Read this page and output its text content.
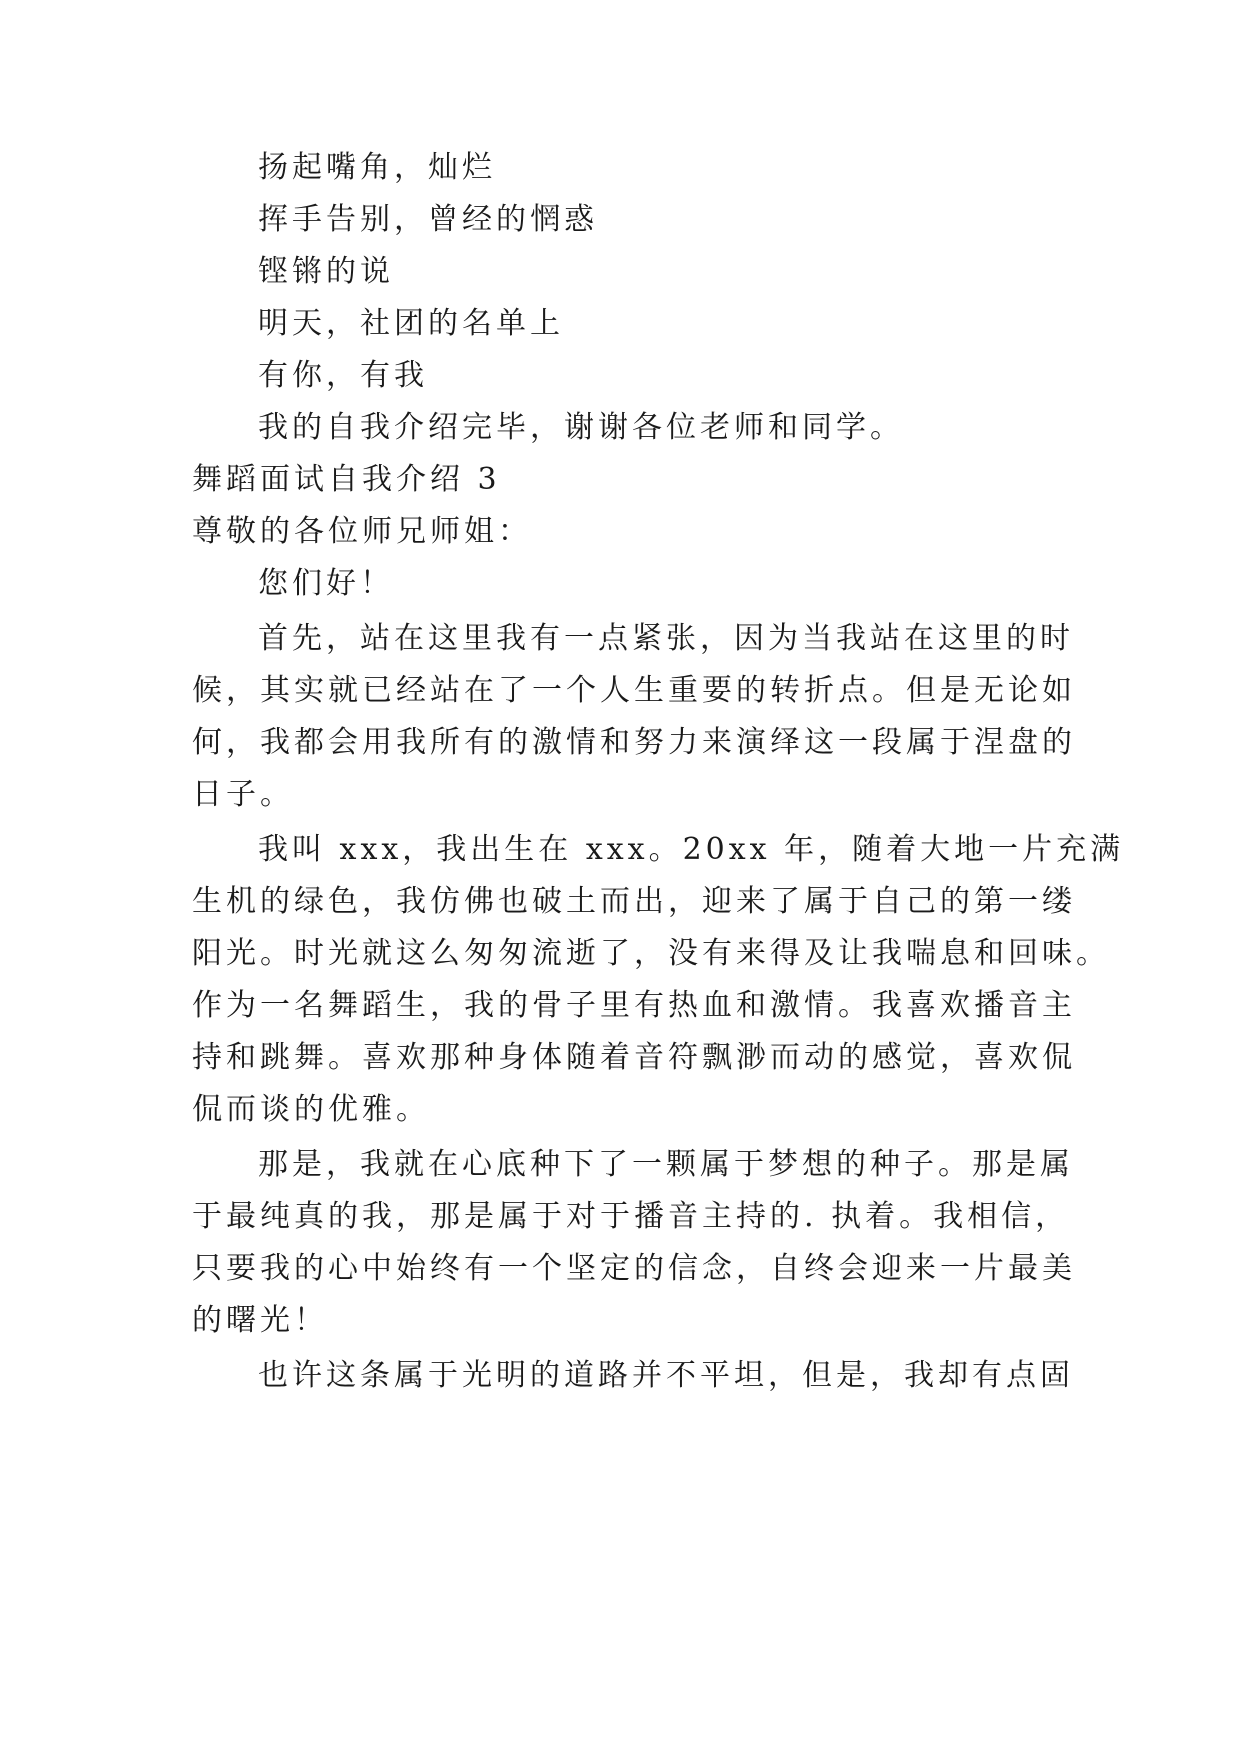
扬起嘴角，灿烂
挥手告别，曾经的惘惑
铿锵的说
明天，社团的名单上
有你，有我
我的自我介绍完毕，谢谢各位老师和同学。
舞蹈面试自我介绍 3
尊敬的各位师兄师姐：
您们好！
首先，站在这里我有一点紧张，因为当我站在这里的时
候，其实就已经站在了一个人生重要的转折点。但是无论如
何，我都会用我所有的激情和努力来演绎这一段属于涅盘的
日子。
我叫 xxx，我出生在 xxx。20xx 年，随着大地一片充满
生机的绿色，我仿佛也破土而出，迎来了属于自己的第一缕
阳光。时光就这么匆匆流逝了，没有来得及让我喘息和回味。
作为一名舞蹈生，我的骨子里有热血和激情。我喜欢播音主
持和跳舞。喜欢那种身体随着音符飘渺而动的感觉，喜欢侃
侃而谈的优雅。
那是，我就在心底种下了一颗属于梦想的种子。那是属
于最纯真的我，那是属于对于播音主持的. 执着。我相信，
只要我的心中始终有一个坚定的信念，自终会迎来一片最美
的曙光！
也许这条属于光明的道路并不平坦，但是，我却有点固
